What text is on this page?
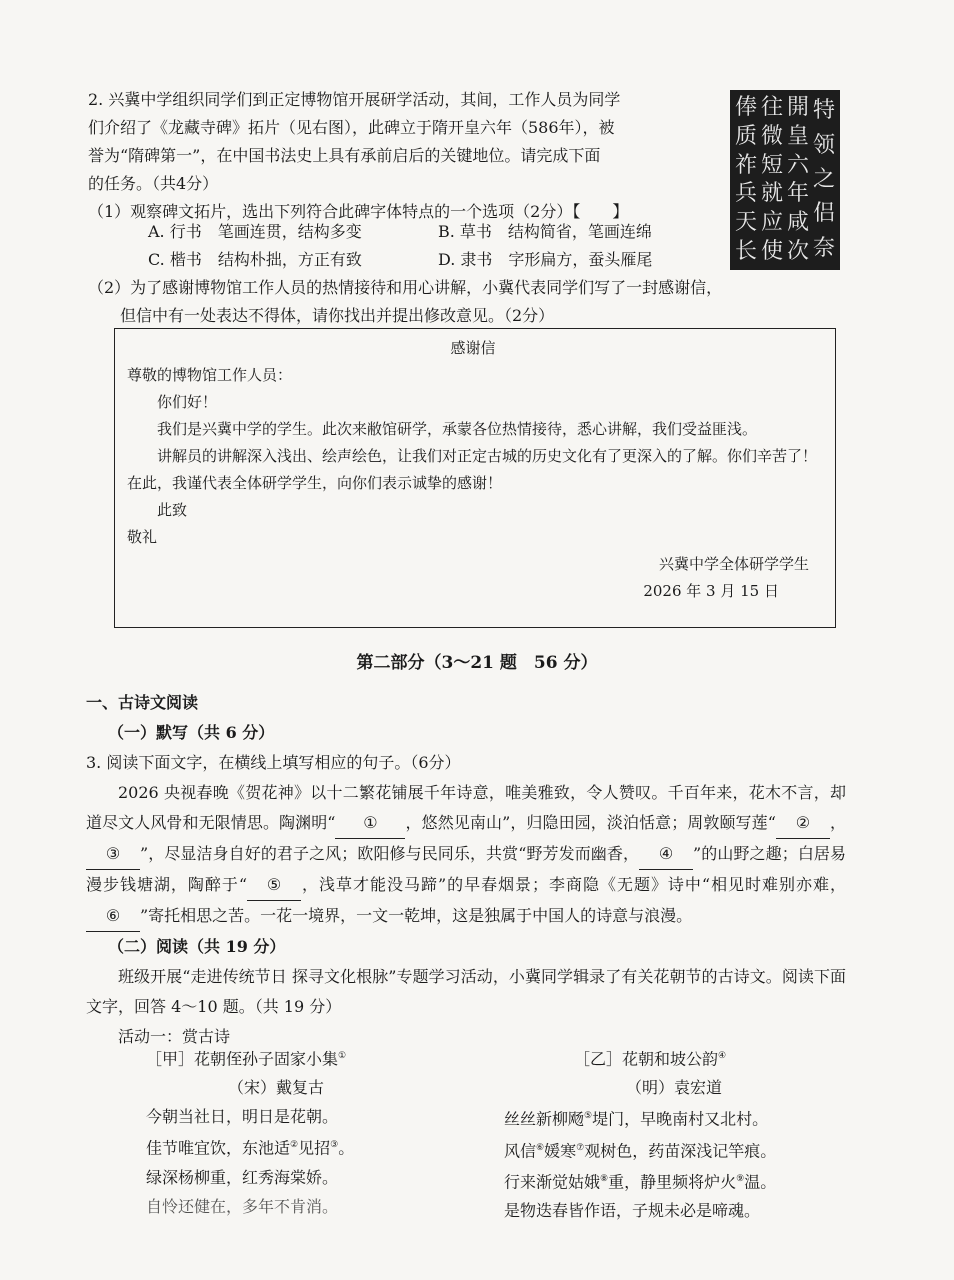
2. 兴冀中学组织同学们到正定博物馆开展研学活动，其间，工作人员为同学

们介绍了《龙藏寺碑》拓片（见右图），此碑立于隋开皇六年（586年），被

誉为“隋碑第一”，在中国书法史上具有承前启后的关键地位。请完成下面

的任务。（共4分）

（1）观察碑文拓片，选出下列符合此碑字体特点的一个选项（2分）【　　】

俸
质
祚
兵
天
长
往
微
短
就
应
使
開
皇
六
年
咸
次
特
领
之
侣
奈
A. 行书　笔画连贯，结构多变	B. 草书　结构简省，笔画连绵
C. 楷书　结构朴拙，方正有致	D. 隶书　字形扁方，蚕头雁尾
（2）为了感谢博物馆工作人员的热情接待和用心讲解，小冀代表同学们写了一封感谢信，
　　但信中有一处表达不得体，请你找出并提出修改意见。（2分）
感谢信
尊敬的博物馆工作人员：
你们好！
我们是兴冀中学的学生。此次来敝馆研学，承蒙各位热情接待，悉心讲解，我们受益匪浅。
讲解员的讲解深入浅出、绘声绘色，让我们对正定古城的历史文化有了更深入的了解。你们辛苦了！在此，我谨代表全体研学学生，向你们表示诚挚的感谢！
此致
敬礼
兴冀中学全体研学学生
2026 年 3 月 15 日
第二部分（3～21 题　56 分）

一、古诗文阅读

（一）默写（共 6 分）

3. 阅读下面文字，在横线上填写相应的句子。（6分）

2026 央视春晚《贺花神》以十二繁花铺展千年诗意，唯美雅致，令人赞叹。千百年来，花木不言，却道尽文人风骨和无限情思。陶渊明“ ① ，悠然见南山”，归隐田园，淡泊恬意；周敦颐写莲“ ② ，③ ”，尽显洁身自好的君子之风；欧阳修与民同乐，共赏“野芳发而幽香， ④ ”的山野之趣；白居易漫步钱塘湖，陶醉于“ ⑤ ，浅草才能没马蹄”的早春烟景；李商隐《无题》诗中“相见时难别亦难，⑥ ”寄托相思之苦。一花一境界，一文一乾坤，这是独属于中国人的诗意与浪漫。

（二）阅读（共 19 分）

班级开展“走进传统节日 探寻文化根脉”专题学习活动，小冀同学辑录了有关花朝节的古诗文。阅读下面文字，回答 4～10 题。（共 19 分）

活动一：赏古诗

［甲］花朝侄孙子固家小集①
（宋）戴复古
今朝当社日，明日是花朝。
佳节唯宜饮，东池适②见招③。
绿深杨柳重，红秀海棠娇。
自怜还健在，多年不肯消。
［乙］花朝和坡公韵④
（明）袁宏道
丝丝新柳飏⑤堤门，早晚南村又北村。
风信⑥媛寒⑦观树色，药苗深浅记竿痕。
行来渐觉姑娥⑧重，静里频将炉火⑨温。
是物迭春皆作语，子规未必是啼魂。
